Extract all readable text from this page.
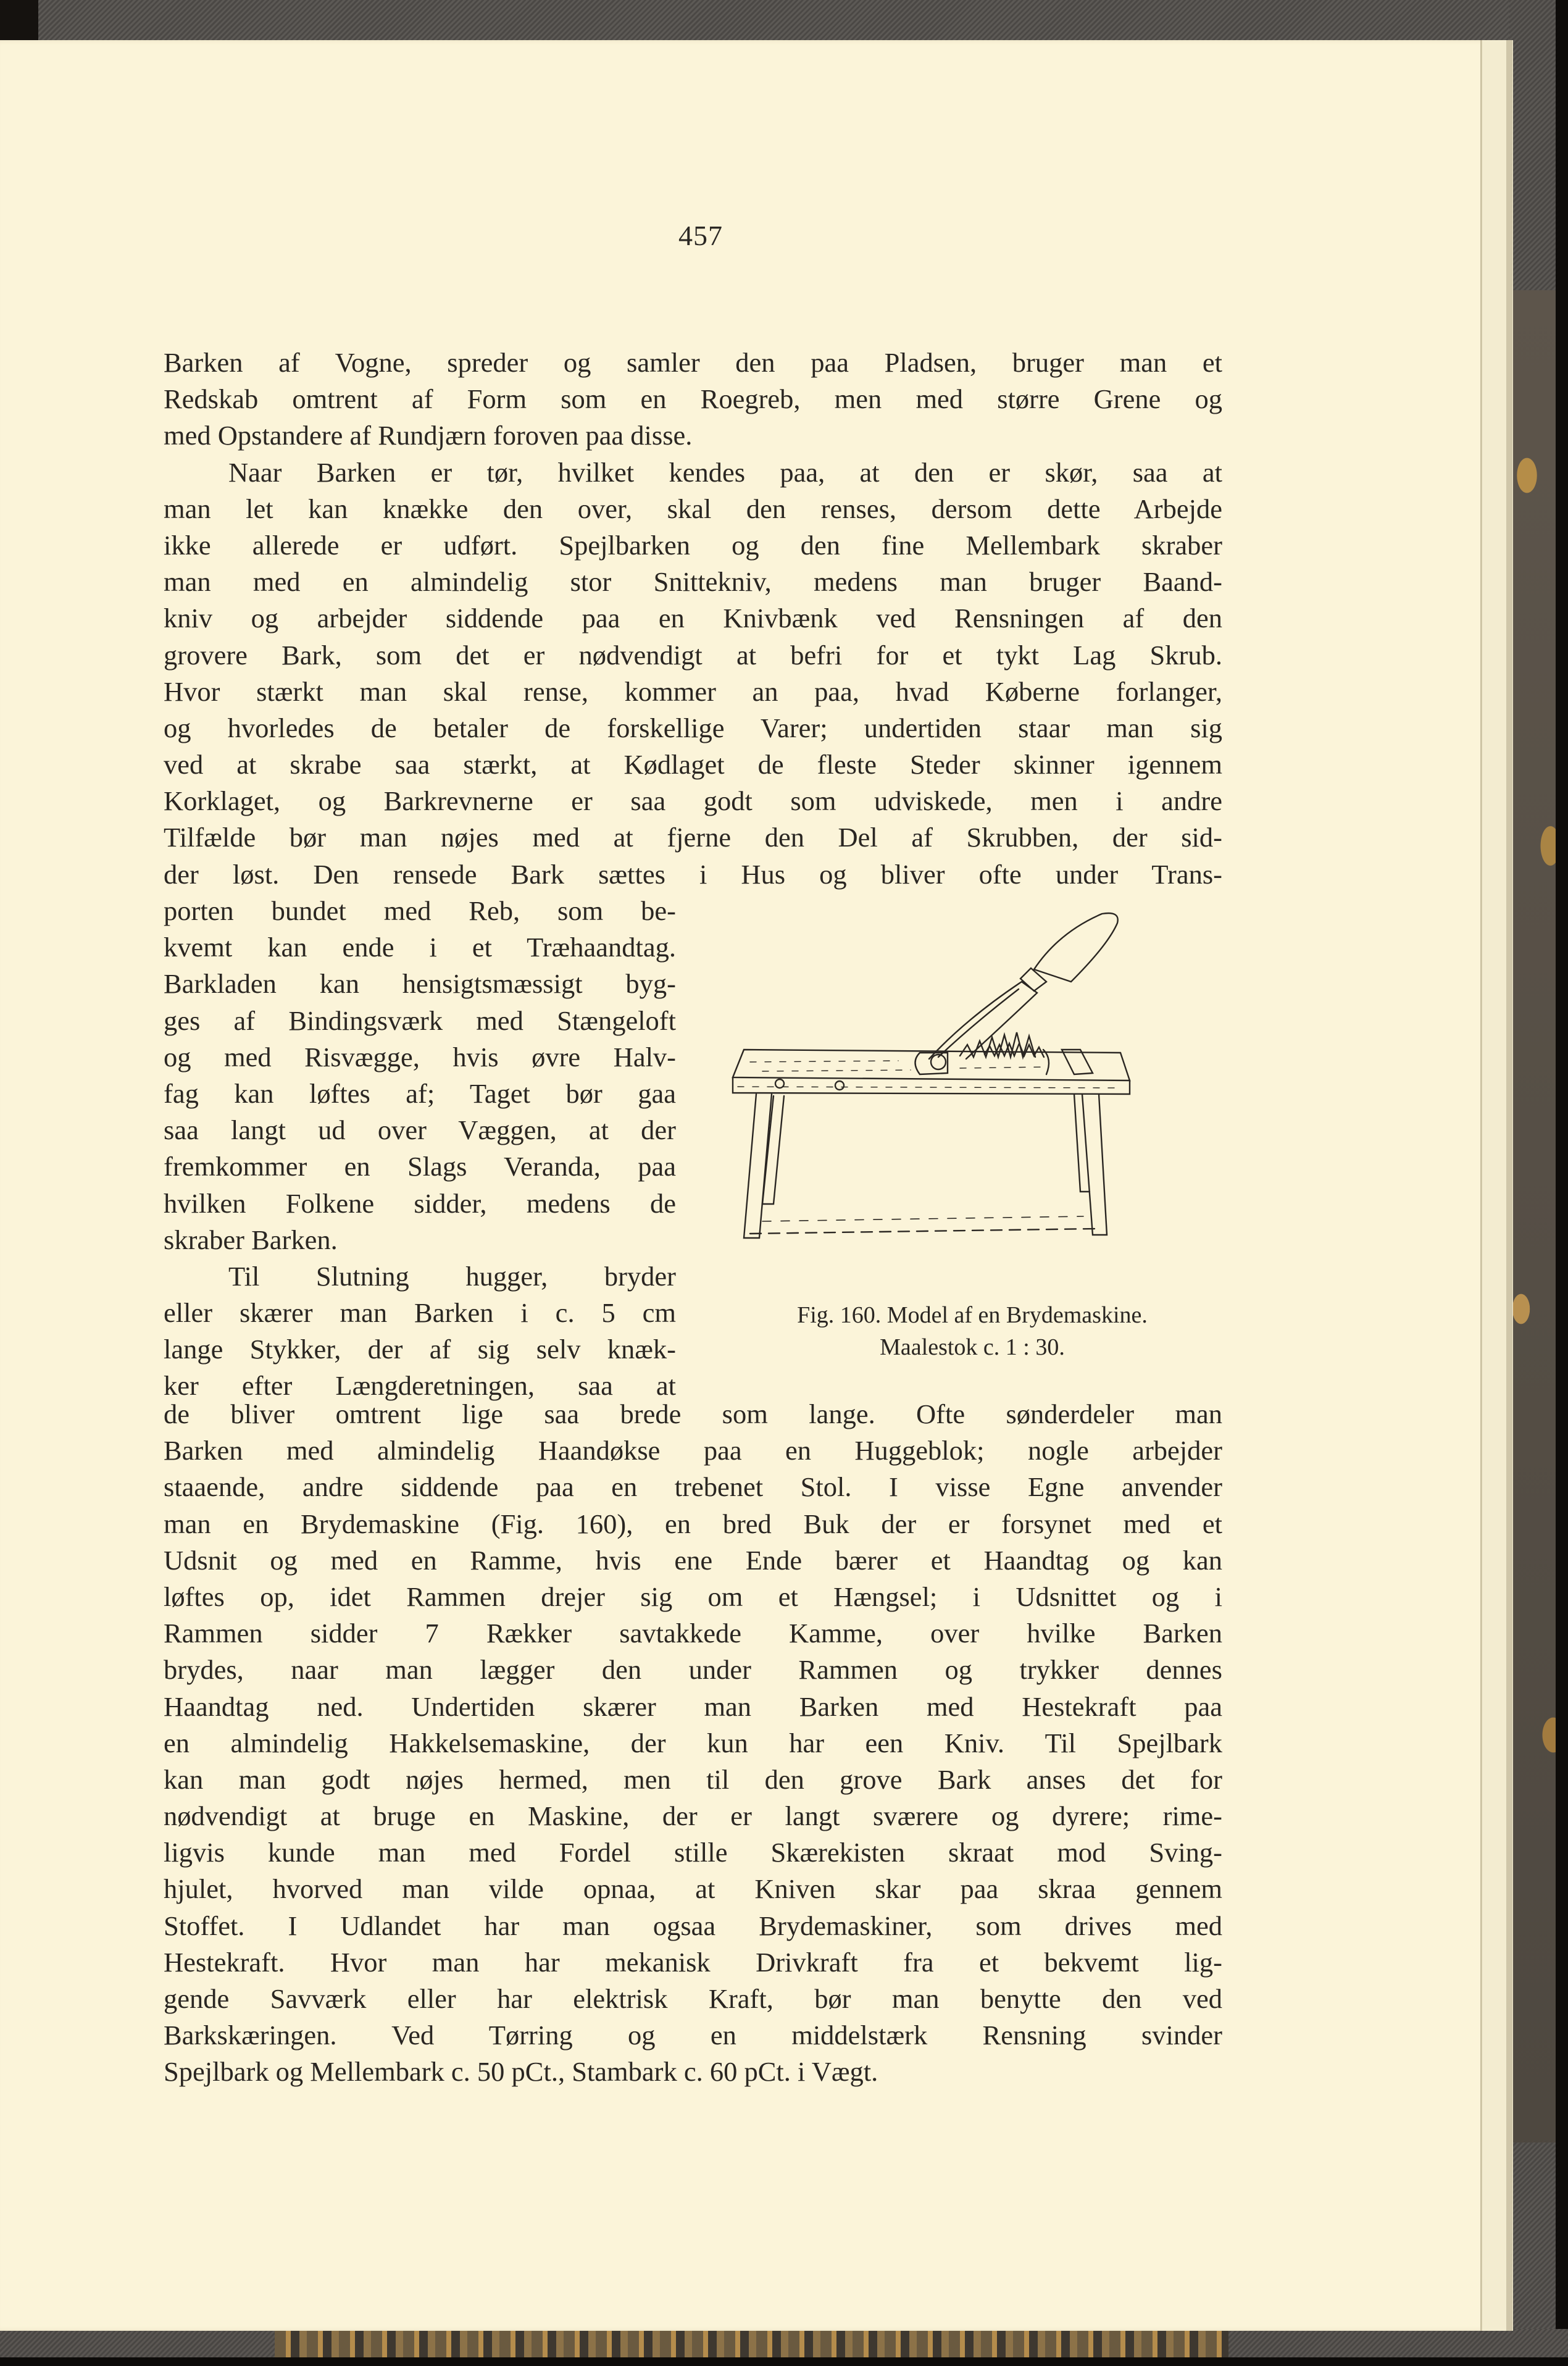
457
Barken af Vogne, spreder og samler den paa Pladsen, bruger man et
Redskab omtrent af Form som en Roegreb, men med større Grene og
med Opstandere af Rundjærn foroven paa disse.
Naar Barken er tør, hvilket kendes paa, at den er skør, saa at
man let kan knække den over, skal den renses, dersom dette Arbejde
ikke allerede er udført. Spejlbarken og den fine Mellembark skraber
man med en almindelig stor Snittekniv, medens man bruger Baand-
kniv og arbejder siddende paa en Knivbænk ved Rensningen af den
grovere Bark, som det er nødvendigt at befri for et tykt Lag Skrub.
Hvor stærkt man skal rense, kommer an paa, hvad Køberne forlanger,
og hvorledes de betaler de forskellige Varer; undertiden staar man sig
ved at skrabe saa stærkt, at Kødlaget de fleste Steder skinner igennem
Korklaget, og Barkrevnerne er saa godt som udviskede, men i andre
Tilfælde bør man nøjes med at fjerne den Del af Skrubben, der sid-
der løst. Den rensede Bark sættes i Hus og bliver ofte under Trans-
porten bundet med Reb, som be-
kvemt kan ende i et Træhaandtag.
Barkladen kan hensigtsmæssigt byg-
ges af Bindingsværk med Stængeloft
og med Risvægge, hvis øvre Halv-
fag kan løftes af; Taget bør gaa
saa langt ud over Væggen, at der
fremkommer en Slags Veranda, paa
hvilken Folkene sidder, medens de
skraber Barken.
Til Slutning hugger, bryder
eller skærer man Barken i c. 5 cm
lange Stykker, der af sig selv knæk-
ker efter Længderetningen, saa at
Fig. 160. Model af en Brydemaskine.
Maalestok c. 1 : 30.
de bliver omtrent lige saa brede som lange. Ofte sønderdeler man
Barken med almindelig Haandøkse paa en Huggeblok; nogle arbejder
staaende, andre siddende paa en trebenet Stol. I visse Egne anvender
man en Brydemaskine (Fig. 160), en bred Buk der er forsynet med et
Udsnit og med en Ramme, hvis ene Ende bærer et Haandtag og kan
løftes op, idet Rammen drejer sig om et Hængsel; i Udsnittet og i
Rammen sidder 7 Rækker savtakkede Kamme, over hvilke Barken
brydes, naar man lægger den under Rammen og trykker dennes
Haandtag ned. Undertiden skærer man Barken med Hestekraft paa
en almindelig Hakkelsemaskine, der kun har een Kniv. Til Spejlbark
kan man godt nøjes hermed, men til den grove Bark anses det for
nødvendigt at bruge en Maskine, der er langt sværere og dyrere; rime-
ligvis kunde man med Fordel stille Skærekisten skraat mod Sving-
hjulet, hvorved man vilde opnaa, at Kniven skar paa skraa gennem
Stoffet. I Udlandet har man ogsaa Brydemaskiner, som drives med
Hestekraft. Hvor man har mekanisk Drivkraft fra et bekvemt lig-
gende Savværk eller har elektrisk Kraft, bør man benytte den ved
Barkskæringen. Ved Tørring og en middelstærk Rensning svinder
Spejlbark og Mellembark c. 50 pCt., Stambark c. 60 pCt. i Vægt.
